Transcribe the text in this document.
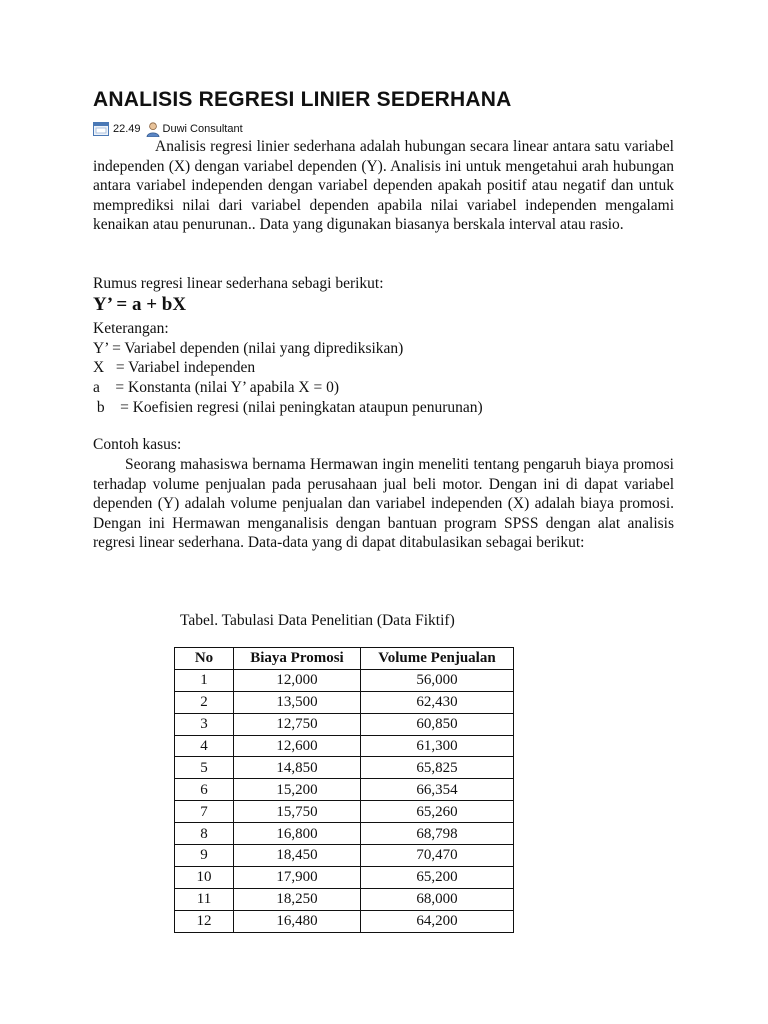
ANALISIS REGRESI LINIER SEDERHANA
22.49 Duwi Consultant

Analisis regresi linier sederhana adalah hubungan secara linear antara satu variabel independen (X) dengan variabel dependen (Y). Analisis ini untuk mengetahui arah hubungan antara variabel independen dengan variabel dependen apakah positif atau negatif dan untuk memprediksi nilai dari variabel dependen apabila nilai variabel independen mengalami kenaikan atau penurunan.. Data yang digunakan biasanya berskala interval atau rasio.

Rumus regresi linear sederhana sebagi berikut:

Y’ = a + bX

Keterangan:

Y’ = Variabel dependen (nilai yang diprediksikan)

X   = Variabel independen

a    = Konstanta (nilai Y’ apabila X = 0)

b    = Koefisien regresi (nilai peningkatan ataupun penurunan)

Contoh kasus:

Seorang mahasiswa bernama Hermawan ingin meneliti tentang pengaruh biaya promosi terhadap volume penjualan pada perusahaan jual beli motor. Dengan ini di dapat variabel dependen (Y) adalah volume penjualan dan variabel independen (X) adalah biaya promosi. Dengan ini Hermawan menganalisis dengan bantuan program SPSS dengan alat analisis regresi linear sederhana. Data-data yang di dapat ditabulasikan sebagai berikut:

Tabel. Tabulasi Data Penelitian (Data Fiktif)

No	Biaya Promosi	Volume Penjualan
1	12,000	56,000
2	13,500	62,430
3	12,750	60,850
4	12,600	61,300
5	14,850	65,825
6	15,200	66,354
7	15,750	65,260
8	16,800	68,798
9	18,450	70,470
10	17,900	65,200
11	18,250	68,000
12	16,480	64,200
